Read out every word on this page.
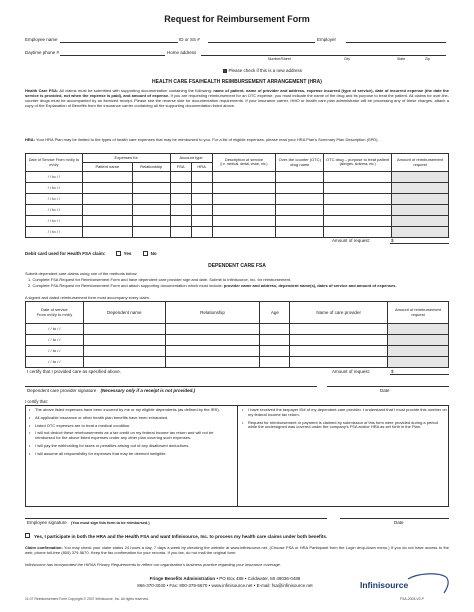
Request for Reimbursement Form
Employee name	ID or SS #	Employer
Daytime phone #	Home address
Number/Street	City	State	Zip
Please check if this is a new address
HEALTH CARE FSA/HEALTH REIMBURSEMENT ARRANGEMENT (HRA)
Health Care FSA: All claims must be submitted with supporting documentation containing the following: name of patient, name of provider and address, expense incurred (type of service), date of incurred expense (the date the service is provided, not when the expense is paid), and amount of expense. If you are requesting reimbursement for an OTC expense, you must indicate the name of the drug and its purpose to treat the patient. All claims for over-the-counter drugs must be accompanied by an itemized receipt. Please see the reverse side for documentation requirements. If your insurance carrier, HMO or health care plan administrator will be processing any of these charges, attach a copy of the Explanation of Benefits from the insurance carrier containing all the supporting documentation listed above.
HRA: Your HRA Plan may be limited to the types of health care expenses that may be reimbursed to you. For a list of eligible expenses, please read your HRA Plan's Summary Plan Description (SPD).
Date of Service From m/d/y to m/d/y	Expenses for		Account type		Description of service
(i.e. medical, dental, vision, etc.)	Over-the counter (OTC) drug name	OTC drug – purpose to treat patient
(allergies, sickness, etc.)	Amount of reimbursement request
	Patient name	Relationship	FSA	HRA				
/ / to / /								
/ / to / /								
/ / to / /								
/ / to / /								
/ / to / /								
/ / to / /								
Amount of request:	$
Debit card used for Health FSA claim:	Yes	No
DEPENDENT CARE FSA
Submit dependent care claims using one of the methods below:
1. Complete FSA Request for Reimbursement Form and have dependent care provider sign and date. Submit to Infinisource, Inc. for reimbursement.
2. Complete FSA Request for Reimbursement Form and attach supporting documentation which must include: provider name and address, dependent name(s), dates of service and amount of expenses.
A signed and dated reimbursement form must accompany every claim.
Date of service
From m/d/y to m/d/y	Dependent name	Relationship	Age	Name of care provider	Amount of reimbursement request
/ / to / /					
/ / to / /					
/ / to / /					
/ / to / /					
I certify that I provided care as specified above.	Amount of request:	$
Dependent care provider signature (Necessary only if a receipt is not provided.)	Date
I certify that:
•	The above listed expenses have been incurred by me or my eligible dependents (as defined by the IRS).
•	All applicable insurance or other health plan benefits have been exhausted.
•	Listed OTC expenses are to treat a medical condition.
•	I will not deduct these reimbursements as a tax credit on my federal income tax return and will not be reimbursed for the above listed expenses under any other plan covering such expenses.
•	I will pay the withholding for taxes or penalties arising out of any disallowed deductions.
•	I will assume all responsibility for expenses that may be deemed ineligible.
•	I have received the taxpayer ID# of my dependent care provider. I understand that I must provide this number on my federal income tax return.
•	Request for reimbursement or payment is claimed by submission of this form were provided during a period while the undersigned was covered under the company's FSA and/or HRA as set forth in the Plan.
Employee signature (You must sign this form to be reimbursed.)	Date
Yes, I participate in both the HRA and the Health FSA and want Infinisource, Inc. to process my health care claims under both benefits.
Claim confirmation: You may check your claim status 24 hours a day, 7 days a week by checking the website at www.infinisource.net. (Choose FSA or HRA Participant from the Login drop-down menu.) If you do not have access to the web, phone toll-free (800) 379-5670. Keep the fax confirmation for your records. If you fax, do not mail the original form.
Infinisource has incorporated the HIPAA Privacy Requirements to reflect our organization's business practice regarding your insurance coverage.
Fringe Benefits Administration • PO Box 488 • Coldwater, MI 49036-0488
866-370-3040 • Fax: 800-379-5670 • www.infinisource.net • E-mail: fsa@infinisource.net	Infinisource
11-07 Reimbursement Form Copyright © 2007 Infinisource, Inc. All rights reserved.	FSA-2004-V2-P
